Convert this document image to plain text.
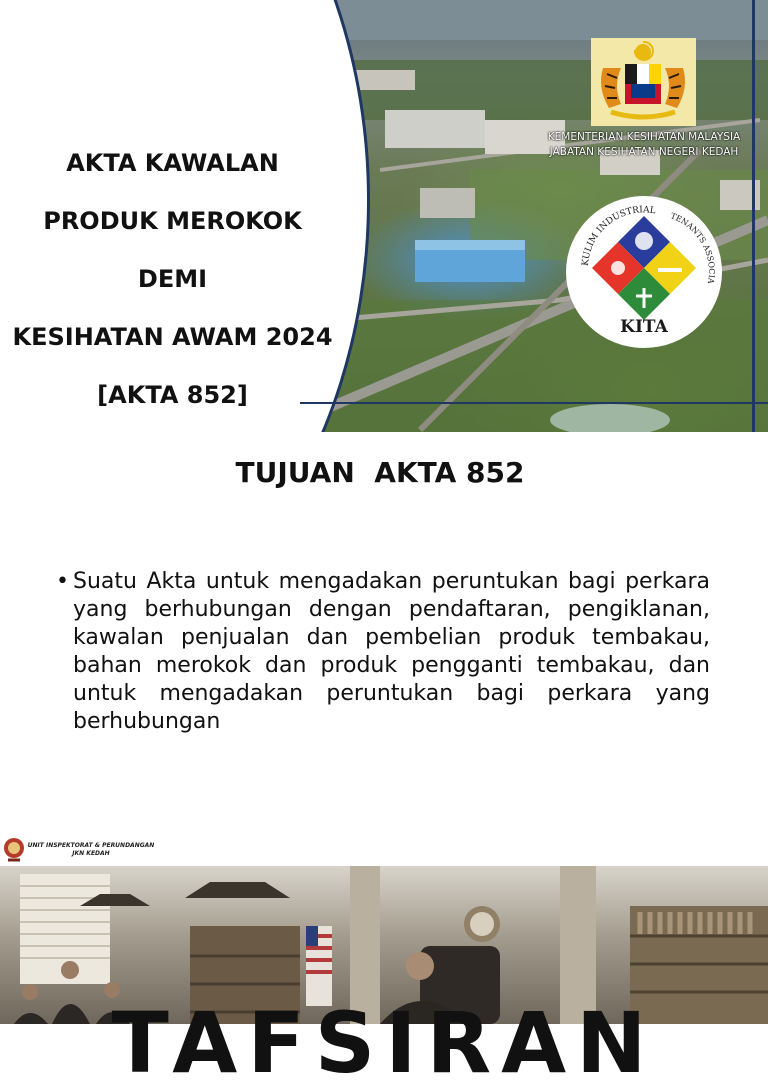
AKTA KAWALAN

PRODUK MEROKOK

DEMI

KESIHATAN AWAM 2024

[AKTA 852]

KEMENTERIAN KESIHATAN MALAYSIA
JABATAN KESIHATAN NEGERI KEDAH
KULIM INDUSTRIAL
TENANTS ASSOCIA
KITA
TUJUAN  AKTA 852
• Suatu Akta untuk mengadakan peruntukan bagi perkara yang berhubungan dengan pendaftaran, pengiklanan, kawalan penjualan dan pembelian produk tembakau, bahan merokok dan produk pengganti tembakau, dan untuk mengadakan peruntukan bagi perkara yang berhubungan

UNIT INSPEKTORAT & PERUNDANGAN
JKN KEDAH
TAFSIRAN
